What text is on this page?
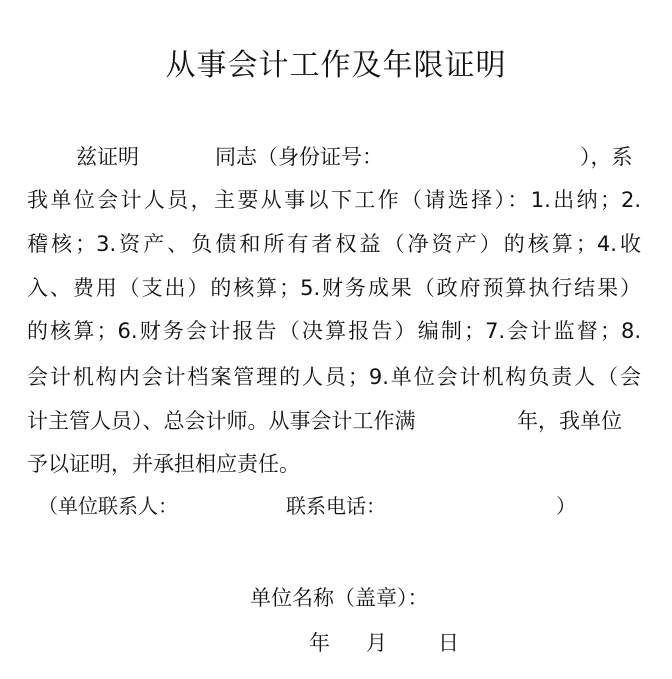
从事会计工作及年限证明
兹证明	同志（身份证号：	），系
我单位会计人员，主要从事以下工作（请选择）：1.出纳；2.
稽核；3.资产、负债和所有者权益（净资产）的核算；4.收
入、费用（支出）的核算；5.财务成果（政府预算执行结果）
的核算；6.财务会计报告（决算报告）编制；7.会计监督；8.
会计机构内会计档案管理的人员；9.单位会计机构负责人（会
计主管人员）、总会计师。从事会计工作满	年，我单位
予以证明，并承担相应责任。
（单位联系人：	联系电话：	）
单位名称（盖章）：
年 月 日
